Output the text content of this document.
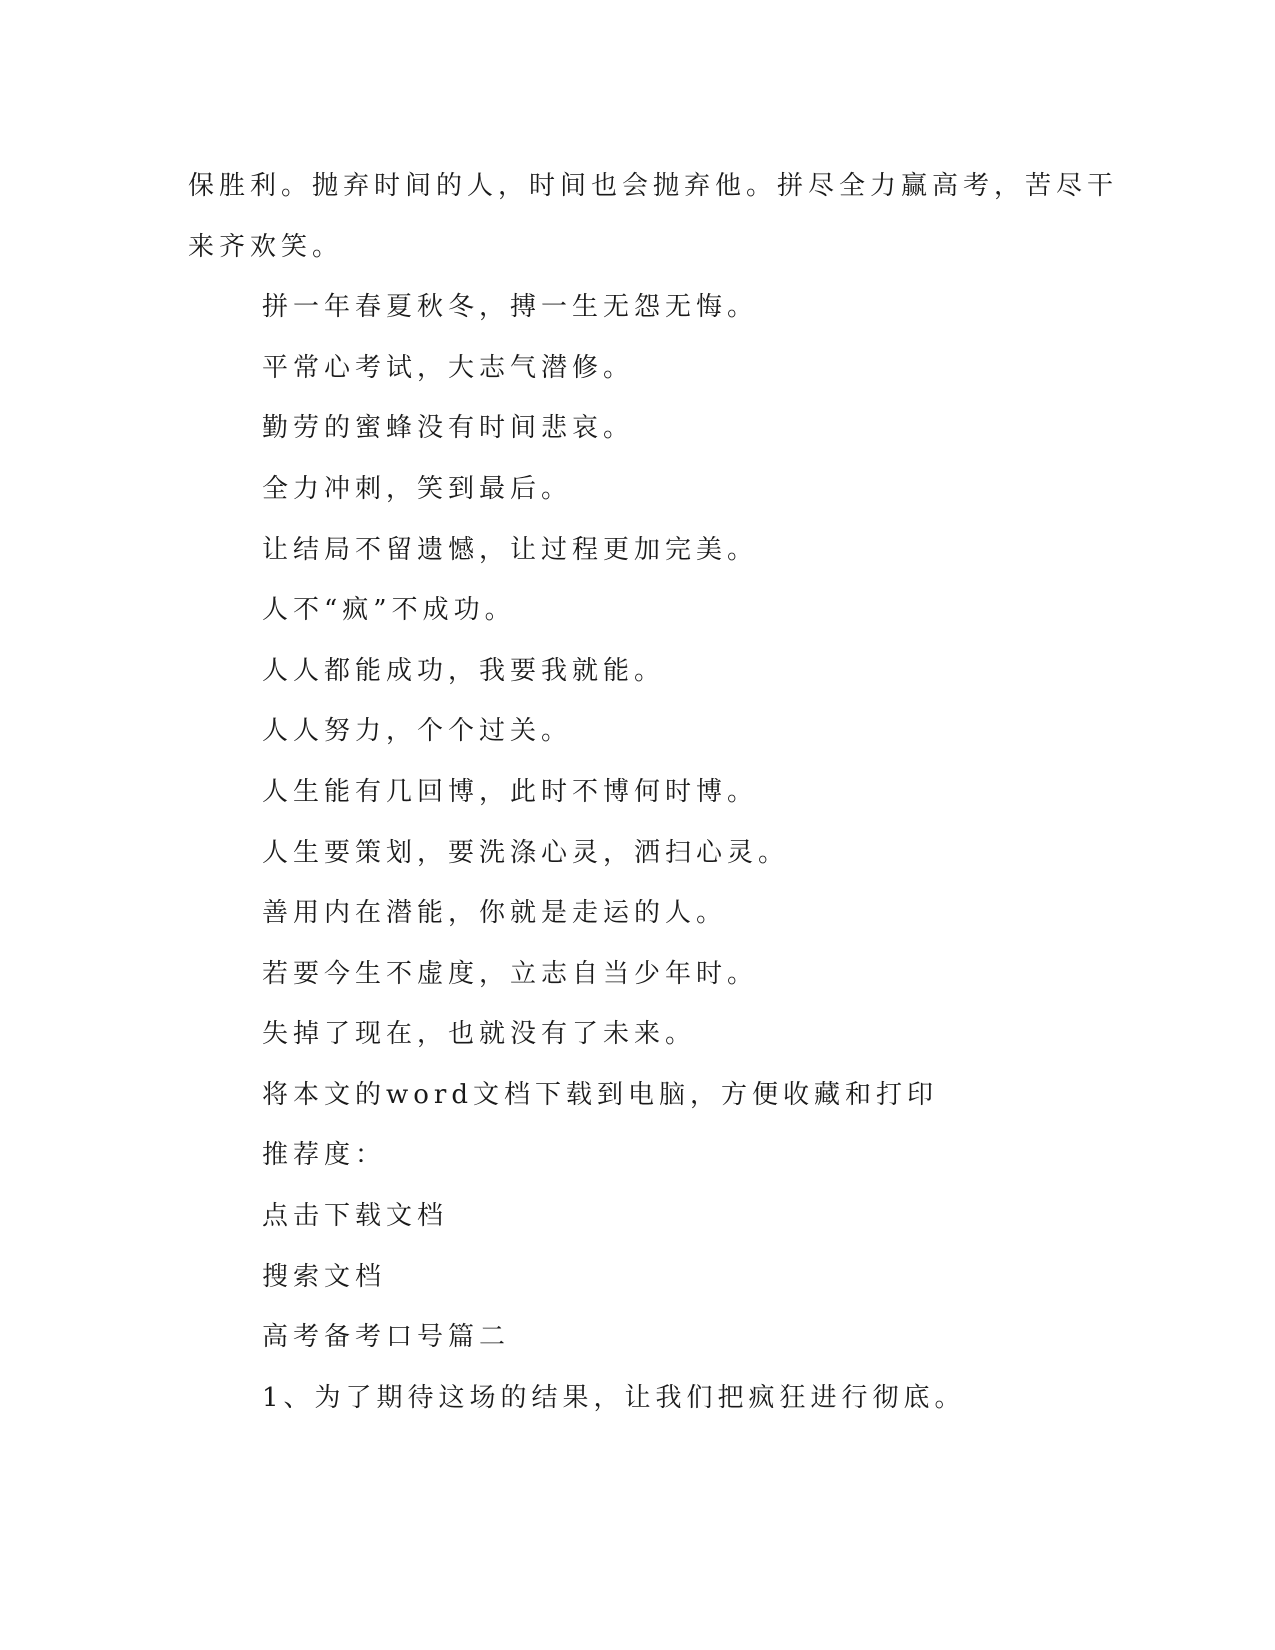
保胜利。抛弃时间的人，时间也会抛弃他。拼尽全力赢高考，苦尽干

来齐欢笑。

拼一年春夏秋冬，搏一生无怨无悔。

平常心考试，大志气潜修。

勤劳的蜜蜂没有时间悲哀。

全力冲刺，笑到最后。

让结局不留遗憾，让过程更加完美。

人不“疯”不成功。

人人都能成功，我要我就能。

人人努力，个个过关。

人生能有几回博，此时不博何时博。

人生要策划，要洗涤心灵，洒扫心灵。

善用内在潜能，你就是走运的人。

若要今生不虚度，立志自当少年时。

失掉了现在，也就没有了未来。

将本文的word文档下载到电脑，方便收藏和打印

推荐度：

点击下载文档

搜索文档

高考备考口号篇二

1、为了期待这场的结果，让我们把疯狂进行彻底。
